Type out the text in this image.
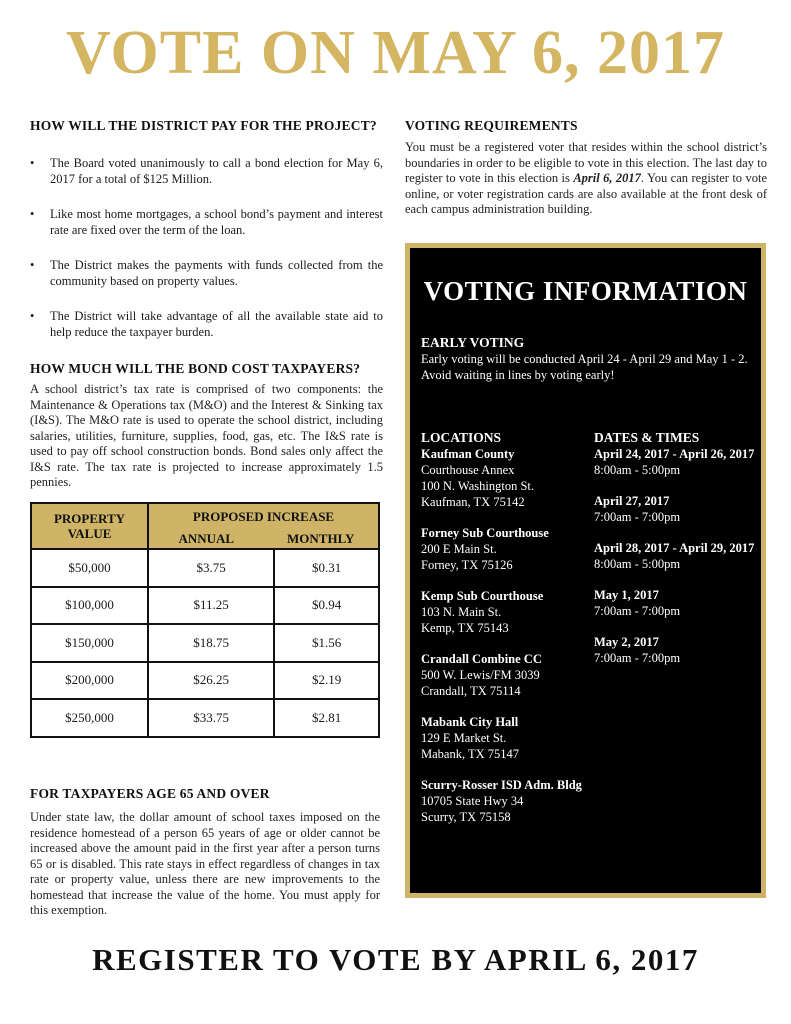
VOTE ON MAY 6, 2017
HOW WILL THE DISTRICT PAY FOR THE PROJECT?
• The Board voted unanimously to call a bond election for May 6, 2017 for a total of $125 Million.
• Like most home mortgages, a school bond’s payment and interest rate are fixed over the term of the loan.
• The District makes the payments with funds collected from the community based on property values.
• The District will take advantage of all the available state aid to help reduce the taxpayer burden.
HOW MUCH WILL THE BOND COST TAXPAYERS?
A school district’s tax rate is comprised of two components: the Maintenance & Operations tax (M&O) and the Interest & Sinking tax (I&S). The M&O rate is used to operate the school district, including salaries, utilities, furniture, supplies, food, gas, etc. The I&S rate is used to pay off school construction bonds. Bond sales only affect the I&S rate. The tax rate is projected to increase approximately 1.5 pennies.
PROPERTY VALUE	PROPOSED INCREASE
ANNUAL MONTHLY	

$50,000	$3.75	$0.31
$100,000	$11.25	$0.94
$150,000	$18.75	$1.56
$200,000	$26.25	$2.19
$250,000	$33.75	$2.81
FOR TAXPAYERS AGE 65 AND OVER
Under state law, the dollar amount of school taxes imposed on the residence homestead of a person 65 years of age or older cannot be increased above the amount paid in the first year after a person turns 65 or is disabled. This rate stays in effect regardless of changes in tax rate or property value, unless there are new improvements to the homestead that increase the value of the home. You must apply for this exemption.
VOTING REQUIREMENTS
You must be a registered voter that resides within the school district’s boundaries in order to be eligible to vote in this election. The last day to register to vote in this election is April 6, 2017. You can register to vote online, or voter registration cards are also available at the front desk of each campus administration building.
VOTING INFORMATION
EARLY VOTING
Early voting will be conducted April 24 - April 29 and May 1 - 2. Avoid waiting in lines by voting early!
LOCATIONS
Kaufman County
Courthouse Annex
100 N. Washington St.
Kaufman, TX 75142
Forney Sub Courthouse
200 E Main St.
Forney, TX 75126
Kemp Sub Courthouse
103 N. Main St.
Kemp, TX 75143
Crandall Combine CC
500 W. Lewis/FM 3039
Crandall, TX 75114
Mabank City Hall
129 E Market St.
Mabank, TX 75147
Scurry-Rosser ISD Adm. Bldg
10705 State Hwy 34
Scurry, TX 75158
DATES & TIMES
April 24, 2017 - April 26, 2017
8:00am - 5:00pm
April 27, 2017
7:00am - 7:00pm
April 28, 2017 - April 29, 2017
8:00am - 5:00pm
May 1, 2017
7:00am - 7:00pm
May 2, 2017
7:00am - 7:00pm
REGISTER TO VOTE BY APRIL 6, 2017
